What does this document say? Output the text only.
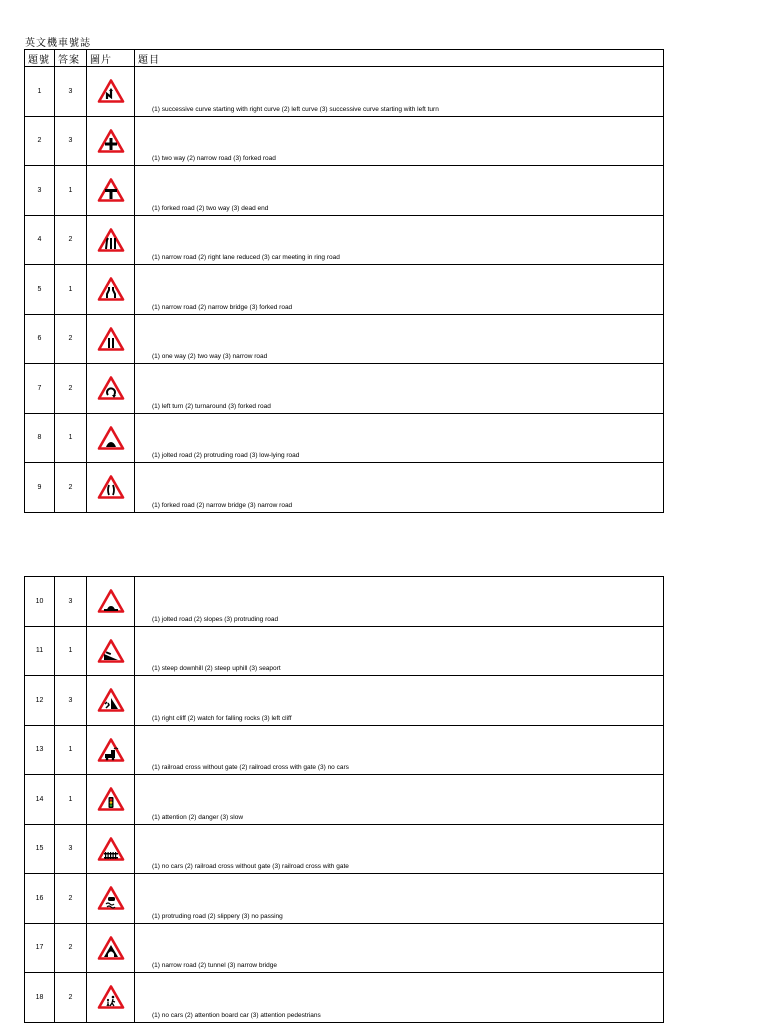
英文機車號誌
題號	答案	圖片	題目
1	3		(1) successive curve starting with right curve (2) left curve (3) successive curve starting with left turn

2	3		(1) two way (2) narrow road (3) forked road

3	1		(1) forked road (2) two way (3) dead end

4	2		(1) narrow road (2) right lane reduced (3) car meeting in ring road

5	1		(1) narrow road (2) narrow bridge (3) forked road

6	2		(1) one way (2) two way (3) narrow road

7	2		(1) left turn (2) turnaround (3) forked road

8	1		(1) jolted road (2) protruding road (3) low-lying road

9	2		(1) forked road (2) narrow bridge (3) narrow road
10	3		(1) jolted road (2) slopes (3) protruding road

11	1		(1) steep downhill (2) steep uphill (3) seaport

12	3		(1) right cliff (2) watch for falling rocks (3) left cliff

13	1		(1) railroad cross without gate (2) railroad cross with gate (3) no cars

14	1		(1) attention (2) danger (3) slow

15	3		(1) no cars (2) railroad cross without gate (3) railroad cross with gate

16	2		(1) protruding road (2) slippery (3) no passing

17	2		(1) narrow road (2) tunnel (3) narrow bridge

18	2		(1) no cars (2) attention board car (3) attention pedestrians
